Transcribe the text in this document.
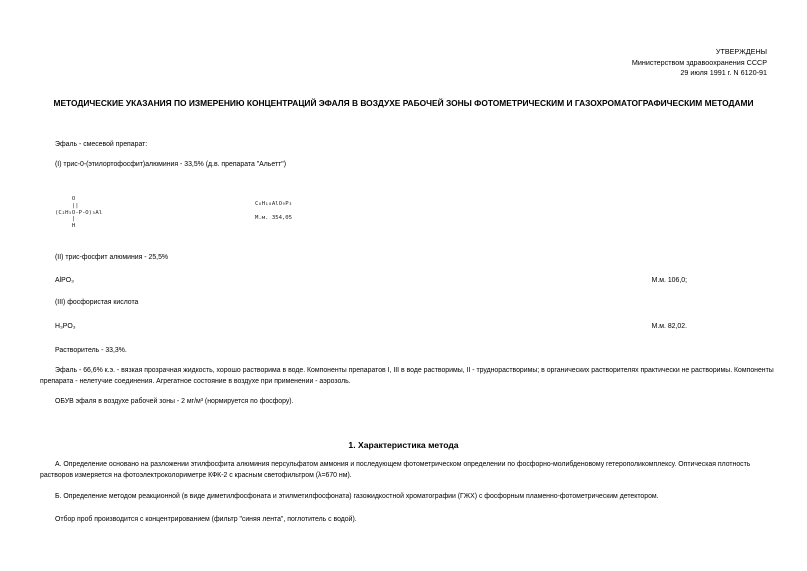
УТВЕРЖДЕНЫ
Министерством здравоохранения СССР
29 июля 1991 г. N 6120-91
МЕТОДИЧЕСКИЕ УКАЗАНИЯ ПО ИЗМЕРЕНИЮ КОНЦЕНТРАЦИЙ ЭФАЛЯ В ВОЗДУХЕ РАБОЧЕЙ ЗОНЫ ФОТОМЕТРИЧЕСКИМ И ГАЗОХРОМАТОГРАФИЧЕСКИМ МЕТОДАМИ
Эфаль - смесевой препарат:
(I) трис-0-(этилортофосфит)алюминия - 33,5% (д.в. препарата "Альетт")
О
||
(C₂H₅O-P-O)₃Al
|
H
C₆H₁₈AlO₉P₃

М.м. 354,05
(II) трис-фосфит алюминия - 25,5%
AlPO₃	М.м. 106,0;
(III) фосфористая кислота
H₃PO₃	М.м. 82,02.
Растворитель - 33,3%.
Эфаль - 66,6% к.э. - вязкая прозрачная жидкость, хорошо растворима в воде. Компоненты препаратов I, III в воде растворимы, II - труднорастворимы; в органических растворителях практически не растворимы. Компоненты препарата - нелетучие соединения. Агрегатное состояние в воздухе при применении - аэрозоль.
ОБУВ эфаля в воздухе рабочей зоны - 2 мг/м³ (нормируется по фосфору).
1. Характеристика метода
А. Определение основано на разложении этилфосфита алюминия персульфатом аммония и последующем фотометрическом определении по фосфорно-молибденовому гетерополикомплексу. Оптическая плотность растворов измеряется на фотоэлектроколориметре КФК-2 с красным светофильтром (λ=670 нм).
Б. Определение методом реакционной (в виде диметилфосфоната и этилметилфосфоната) газожидкостной хроматографии (ГЖХ) с фосфорным пламенно-фотометрическим детектором.
Отбор проб производится с концентрированием (фильтр "синяя лента", поглотитель с водой).
